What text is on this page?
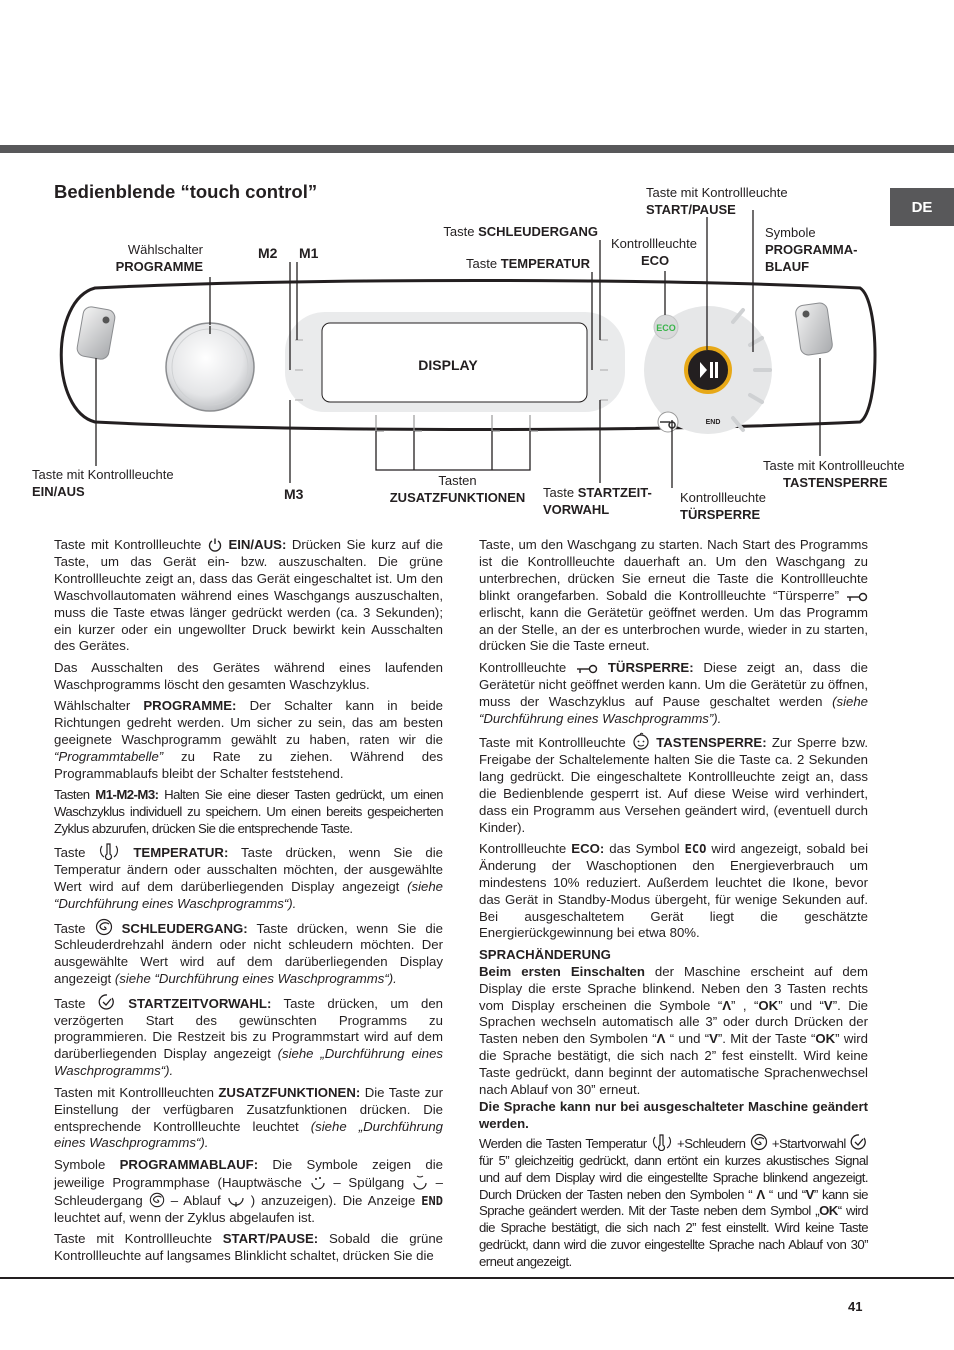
DE
Bedienblende “touch control”
Wählschalter
PROGRAMME
M2 M1
Taste SCHLEUDERGANG
Taste TEMPERATUR
Kontrollleuchte
ECO
Taste mit Kontrollleuchte
START/PAUSE
Symbole
PROGRAMMA-
BLAUF
Taste mit Kontrollleuchte
EIN/AUS	M3
Tasten
ZUSATZFUNKTIONEN	Taste STARTZEIT-
VORWAHL
Kontrollleuchte
TÜRSPERRE
Taste mit Kontrollleuchte
TASTENSPERRE
DISPLAY
ECO
END

Taste mit Kontrollleuchte  EIN/AUS: Drücken Sie kurz auf die Taste, um das Gerät ein- bzw. auszuschalten. Die grüne Kontrollleuchte zeigt an, dass das Gerät eingeschaltet ist. Um den Waschvollautomaten während eines Waschgangs auszuschalten, muss die Taste etwas länger gedrückt werden (ca. 3 Sekunden); ein kurzer oder ein ungewollter Druck bewirkt kein Ausschalten des Gerätes.

Das Ausschalten des Gerätes während eines laufenden Waschprogramms löscht den gesamten Waschzyklus.

Wählschalter PROGRAMME: Der Schalter kann in beide Richtungen gedreht werden. Um sicher zu sein, das am besten geeignete Waschprogramm gewählt zu haben, raten wir die “Programmtabelle” zu Rate zu ziehen. Während des Programmablaufs bleibt der Schalter feststehend.

Tasten M1-M2-M3: Halten Sie eine dieser Tasten gedrückt, um einen Waschzyklus individuell zu speichern. Um einen bereits gespeicherten Zyklus abzurufen, drücken Sie die entsprechende Taste.

Taste	TEMPERATUR: Taste drücken, wenn Sie die Temperatur ändern oder ausschalten möchten, der ausgewählte Wert wird auf dem darüberliegenden Display angezeigt (siehe “Durchführung eines Waschprogramms“).

Taste  SCHLEUDERGANG: Taste drücken, wenn Sie die Schleuderdrehzahl ändern oder nicht schleudern möchten. Der ausgewählte Wert wird auf dem darüberliegenden Display angezeigt (siehe “Durchführung eines Waschprogramms“).

Taste  STARTZEITVORWAHL: Taste drücken, um den verzögerten Start des gewünschten Programms zu programmieren. Die Restzeit bis zu Programmstart wird auf dem darüberliegenden Display angezeigt (siehe „Durchführung eines Waschprogramms“).

Tasten mit Kontrollleuchten ZUSATZFUNKTIONEN: Die Taste zur Einstellung der verfügbaren Zusatzfunktionen drücken. Die entsprechende Kontrollleuchte leuchtet (siehe „Durchführung eines Waschprogramms“).

Symbole PROGRAMMABLAUF: Die Symbole zeigen die jeweilige Programmphase (Hauptwäsche  – Spülgang  – Schleudergang  – Ablauf  ) anzuzeigen). Die Anzeige END leuchtet auf, wenn der Zyklus abgelaufen ist.

Taste mit Kontrollleuchte START/PAUSE: Sobald die grüne Kontrollleuchte auf langsames Blinklicht schaltet, drücken Sie die

Taste, um den Waschgang zu starten. Nach Start des Programms ist die Kontrollleuchte dauerhaft an. Um den Waschgang zu unterbrechen, drücken Sie erneut die Taste die Kontrollleuchte blinkt orangefarben. Sobald die Kontrollleuchte “Türsperre”  erlischt, kann die Gerätetür geöffnet werden. Um das Programm an der Stelle, an der es unterbrochen wurde, wieder in zu starten, drücken Sie die Taste erneut.

Kontrollleuchte  TÜRSPERRE: Diese zeigt an, dass die Gerätetür nicht geöffnet werden kann. Um die Gerätetür zu öffnen, muss der Waschzyklus auf Pause geschaltet werden (siehe “Durchführung eines Waschprogramms”).

Taste mit Kontrollleuchte  TASTENSPERRE: Zur Sperre bzw. Freigabe der Schaltelemente halten Sie die Taste ca. 2 Sekunden lang gedrückt. Die eingeschaltete Kontrollleuchte zeigt an, dass die Bedienblende gesperrt ist. Auf diese Weise wird verhindert, dass ein Programm aus Versehen geändert wird, (eventuell durch Kinder).

Kontrollleuchte ECO: das Symbol ECO wird angezeigt, sobald bei Änderung der Waschoptionen den Energieverbrauch um mindestens 10% reduziert. Außerdem leuchtet die Ikone, bevor das Gerät in Standby-Modus übergeht, für wenige Sekunden auf. Bei ausgeschaltetem Gerät liegt die geschätzte Energierückgewinnung bei etwa 80%.

SPRACHÄNDERUNG

Beim ersten Einschalten der Maschine erscheint auf dem Display die erste Sprache blinkend. Neben den 3 Tasten rechts vom Display erscheinen die Symbole “Λ” , “OK” und “V”. Die Sprachen wechseln automatisch alle 3” oder durch Drücken der Tasten neben den Symbolen “Λ “ und “V”. Mit der Taste “OK” wird die Sprache bestätigt, die sich nach 2” fest einstellt. Wird keine Taste gedrückt, dann beginnt der automatische Sprachenwechsel nach Ablauf von 30” erneut.

Die Sprache kann nur bei ausgeschalteter Maschine geändert werden.

Werden die Tasten Temperatur  +Schleudern  +Startvorwahl  für 5” gleichzeitig gedrückt, dann ertönt ein kurzes akustisches Signal und auf dem Display wird die eingestellte Sprache blinkend angezeigt. Durch Drücken der Tasten neben den Symbolen “ Λ “ und “V” kann sie Sprache geändert werden. Mit der Taste neben dem Symbol „OK“ wird die Sprache bestätigt, die sich nach 2” fest einstellt. Wird keine Taste gedrückt, dann wird die zuvor eingestellte Sprache nach Ablauf von 30” erneut angezeigt.

41
